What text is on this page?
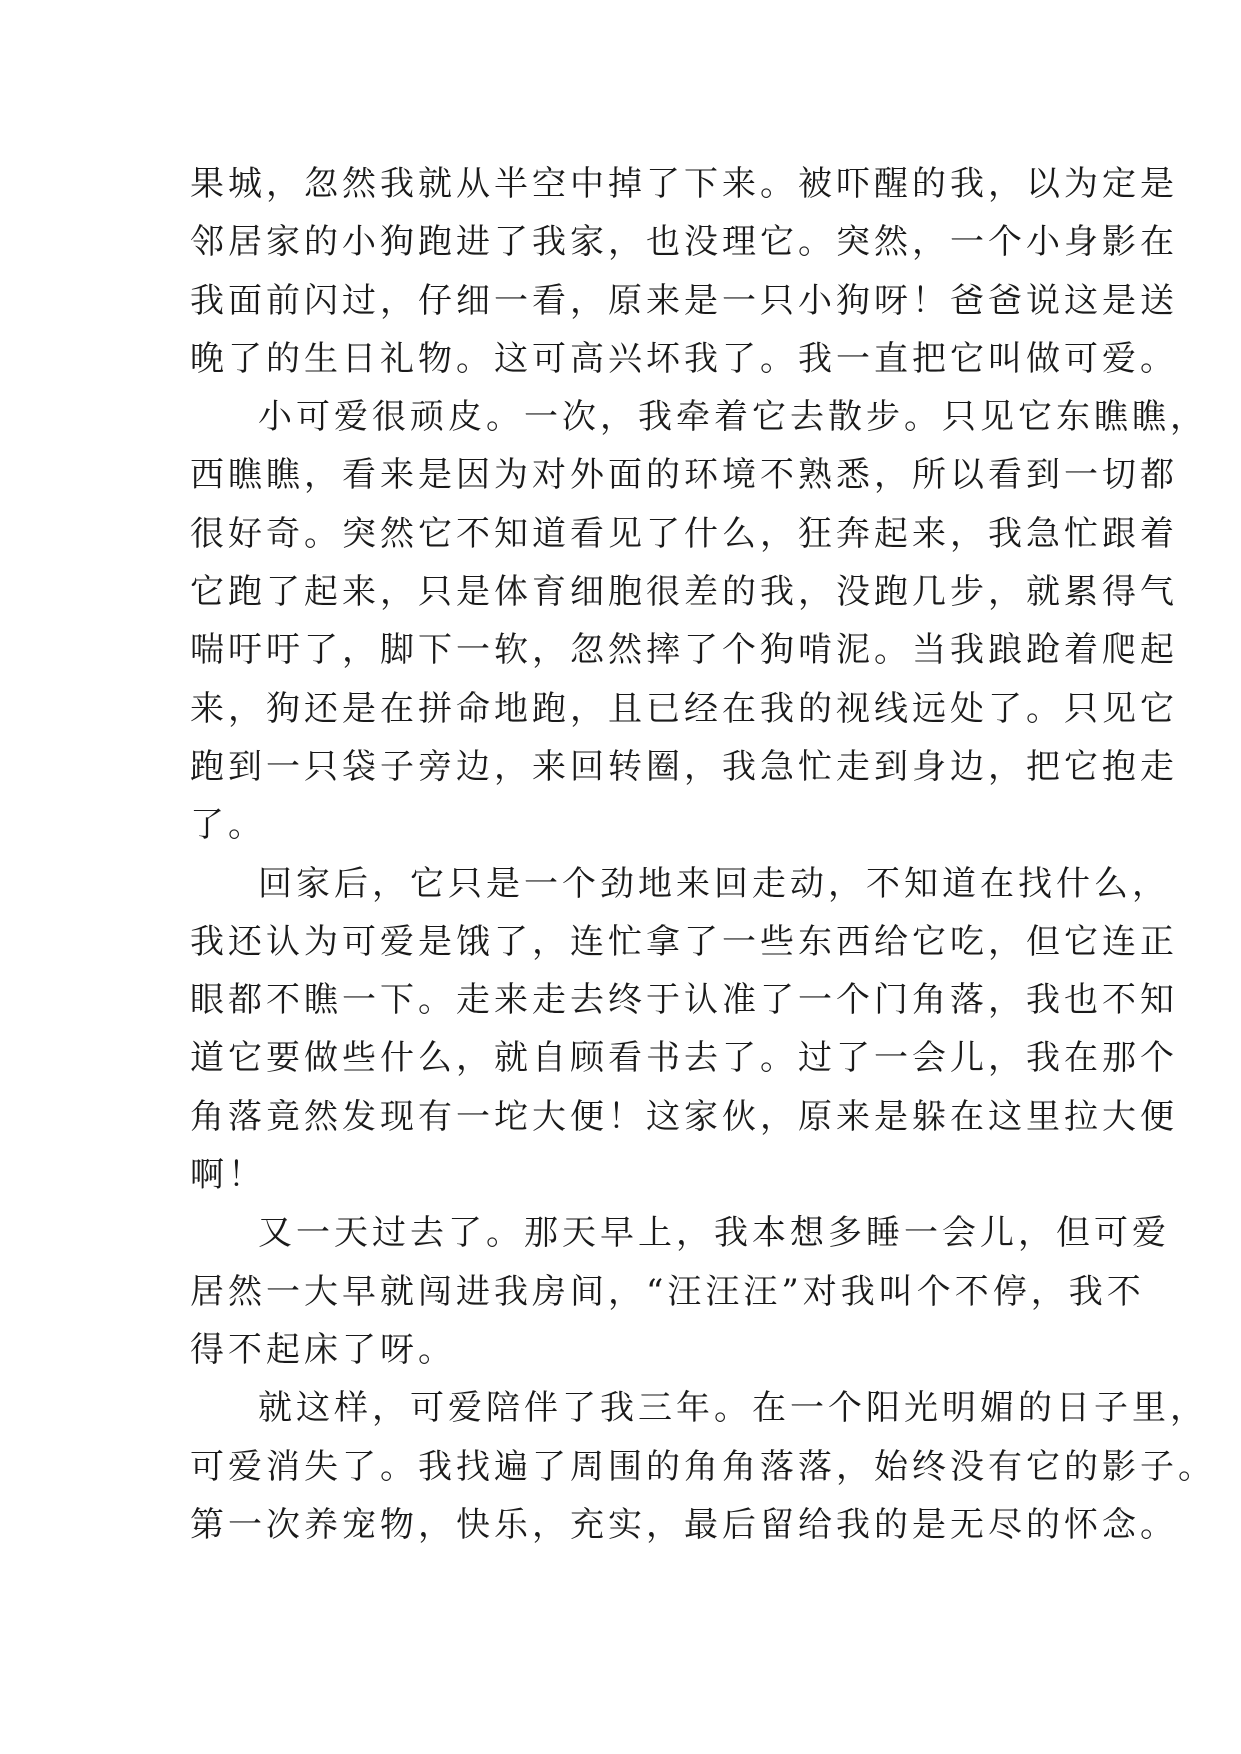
果城，忽然我就从半空中掉了下来。被吓醒的我，以为定是
邻居家的小狗跑进了我家，也没理它。突然，一个小身影在
我面前闪过，仔细一看，原来是一只小狗呀！爸爸说这是送
晚了的生日礼物。这可高兴坏我了。我一直把它叫做可爱。
小可爱很顽皮。一次，我牵着它去散步。只见它东瞧瞧，
西瞧瞧，看来是因为对外面的环境不熟悉，所以看到一切都
很好奇。突然它不知道看见了什么，狂奔起来，我急忙跟着
它跑了起来，只是体育细胞很差的我，没跑几步，就累得气
喘吁吁了，脚下一软，忽然摔了个狗啃泥。当我踉跄着爬起
来，狗还是在拼命地跑，且已经在我的视线远处了。只见它
跑到一只袋子旁边，来回转圈，我急忙走到身边，把它抱走
了。
回家后，它只是一个劲地来回走动，不知道在找什么，
我还认为可爱是饿了，连忙拿了一些东西给它吃，但它连正
眼都不瞧一下。走来走去终于认准了一个门角落，我也不知
道它要做些什么，就自顾看书去了。过了一会儿，我在那个
角落竟然发现有一坨大便！这家伙，原来是躲在这里拉大便
啊！
又一天过去了。那天早上，我本想多睡一会儿，但可爱
居然一大早就闯进我房间，“汪汪汪”对我叫个不停，我不
得不起床了呀。
就这样，可爱陪伴了我三年。在一个阳光明媚的日子里，
可爱消失了。我找遍了周围的角角落落，始终没有它的影子。
第一次养宠物，快乐，充实，最后留给我的是无尽的怀念。
